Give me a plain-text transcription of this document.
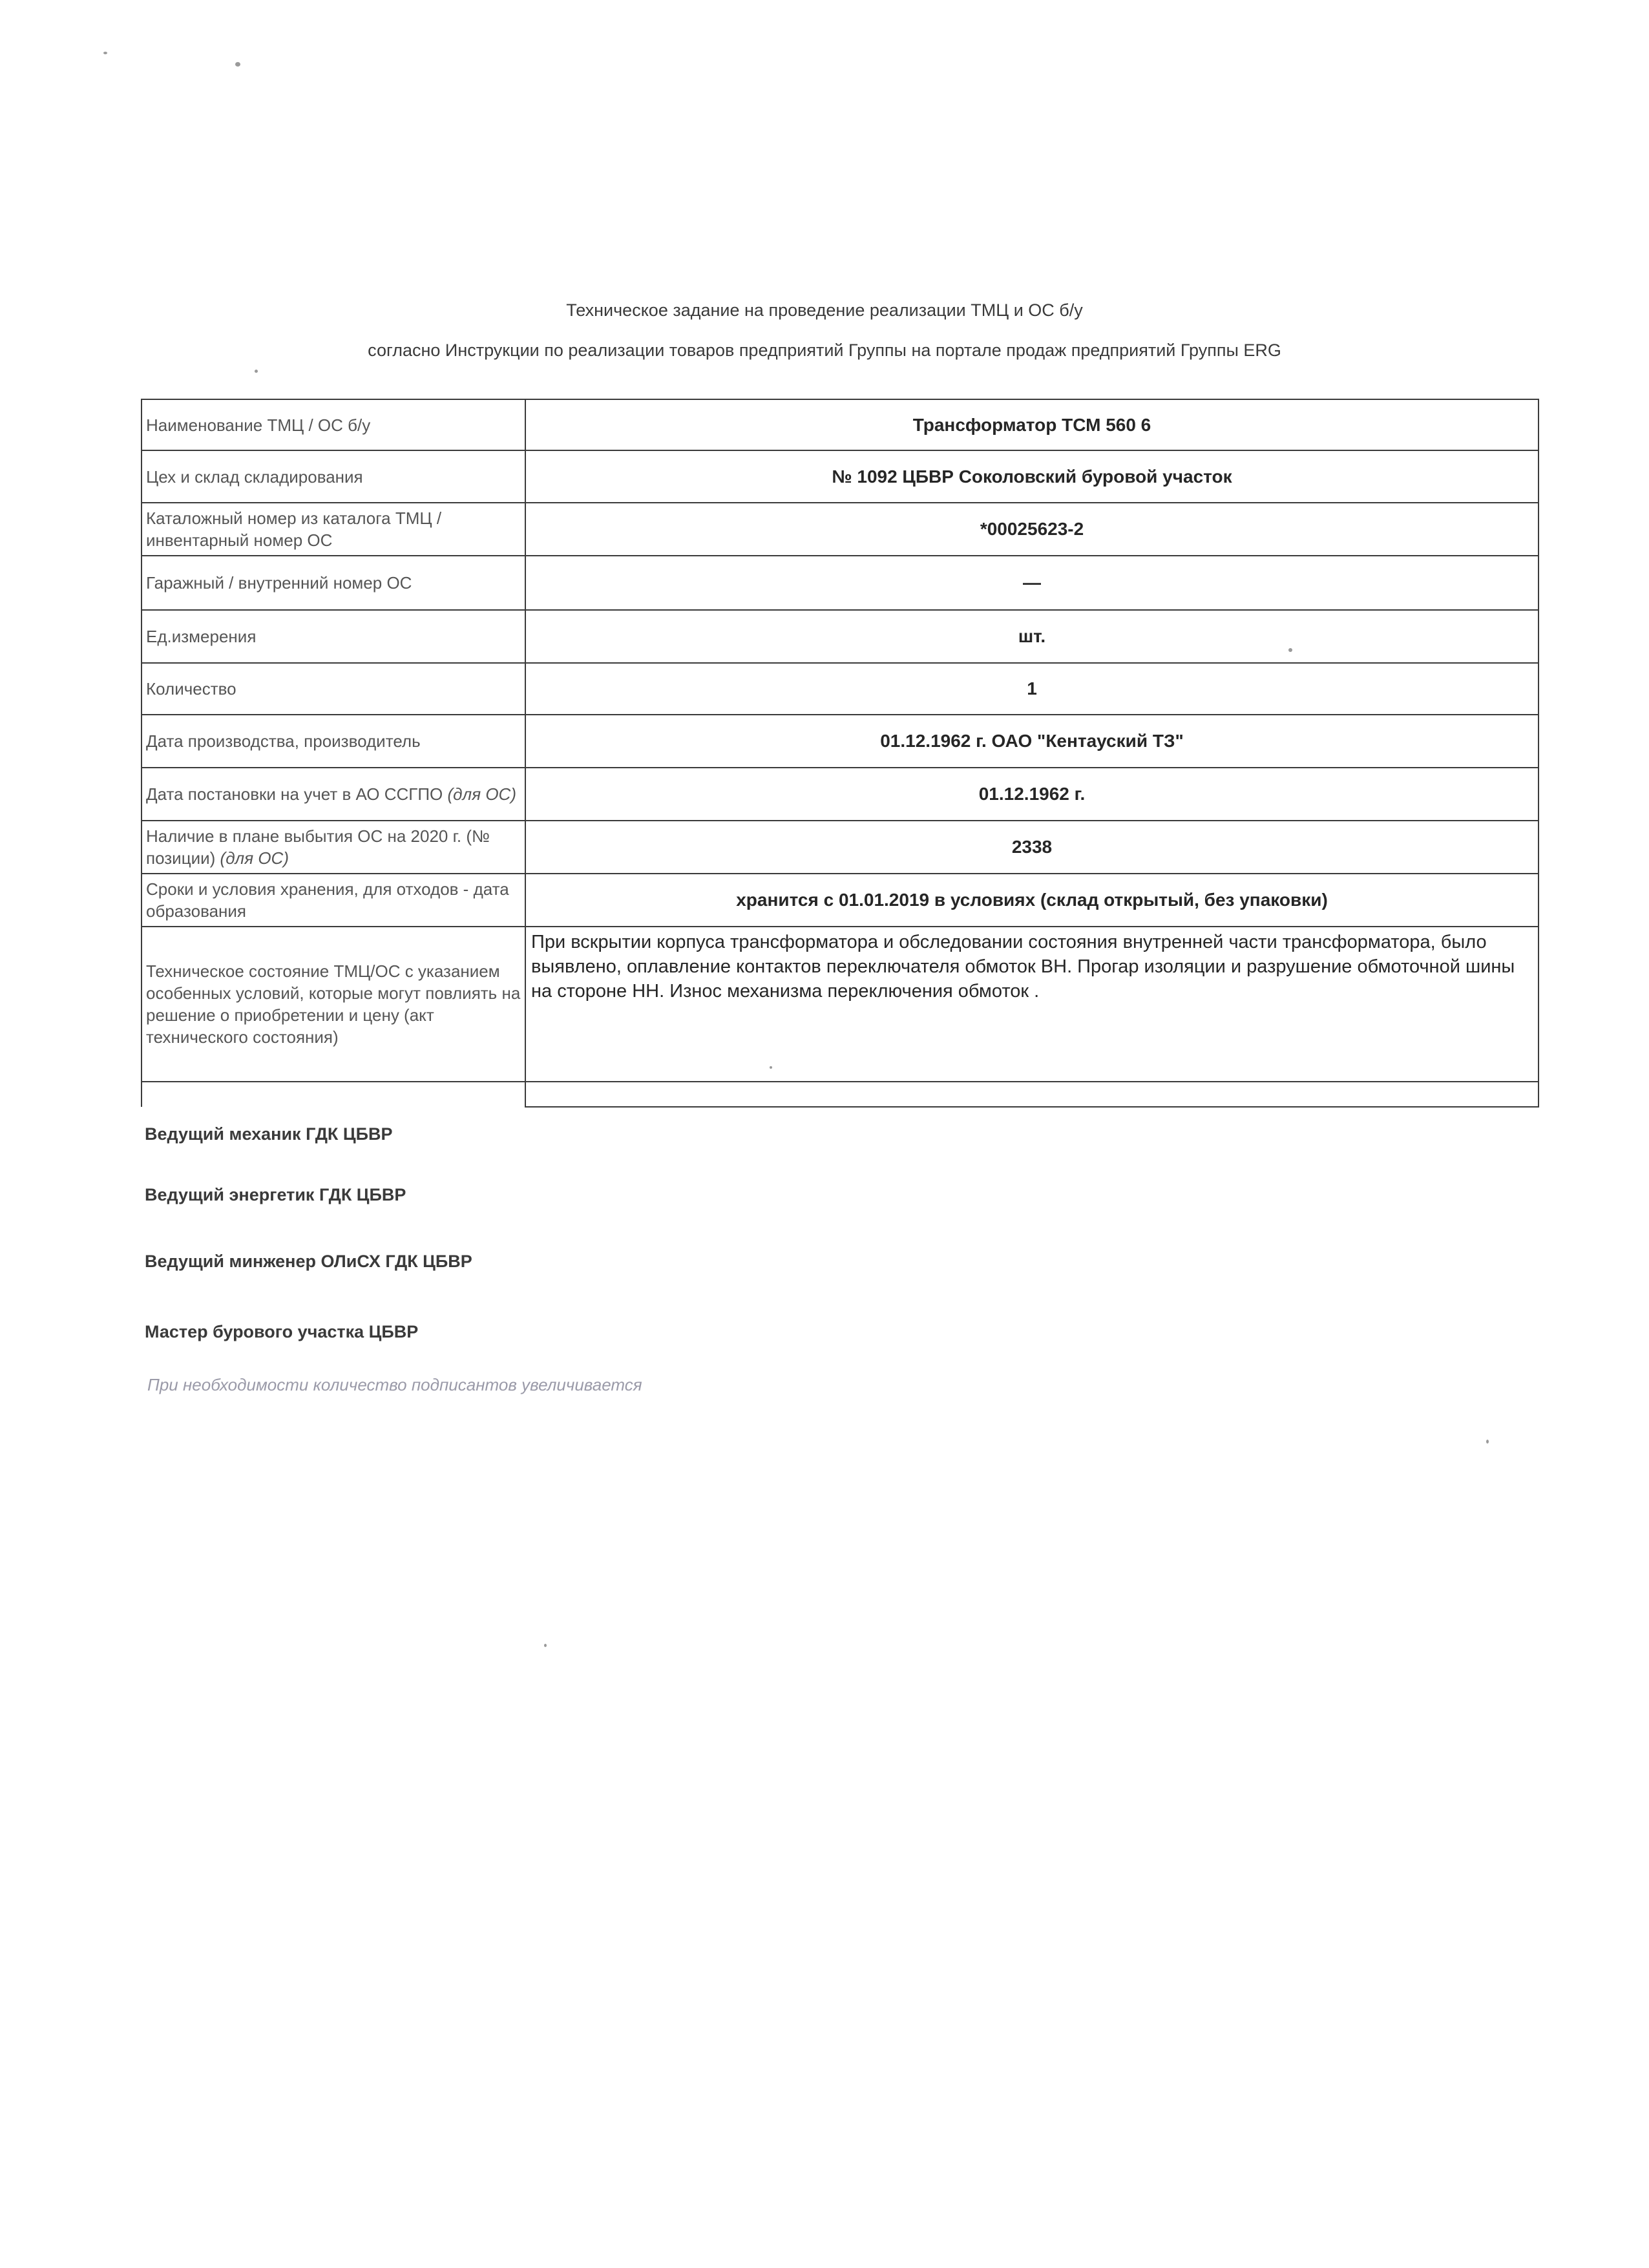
Техническое задание на проведение реализации ТМЦ и ОС б/у
согласно Инструкции по реализации товаров предприятий Группы на портале продаж предприятий Группы ERG
Наименование ТМЦ / ОС б/у	Трансформатор ТСМ 560 6
Цех и склад складирования	№ 1092 ЦБВР Соколовский буровой участок
Каталожный номер из каталога ТМЦ / инвентарный номер ОС	*00025623-2
Гаражный / внутренний номер ОС	—
Ед.измерения	шт.
Количество	1
Дата производства, производитель	01.12.1962 г. ОАО "Кентауский ТЗ"
Дата постановки на учет в АО ССГПО (для ОС)	01.12.1962 г.
Наличие в плане выбытия ОС на 2020 г. (№ позиции) (для ОС)	2338
Сроки и условия хранения, для отходов - дата образования	хранится с 01.01.2019 в условиях (склад открытый, без упаковки)
Техническое состояние ТМЦ/ОС с указанием особенных условий, которые могут повлиять на решение о приобретении и цену (акт технического состояния)	При вскрытии корпуса трансформатора и обследовании состояния внутренней части трансформатора, было выявлено, оплавление контактов переключателя обмоток ВН. Прогар изоляции и разрушение обмоточной шины на стороне НН. Износ механизма переключения обмоток .

Ведущий механик ГДК ЦБВР
Ведущий энергетик ГДК ЦБВР
Ведущий минженер ОЛиСХ ГДК ЦБВР
Мастер бурового участка ЦБВР
При необходимости количество подписантов увеличивается
